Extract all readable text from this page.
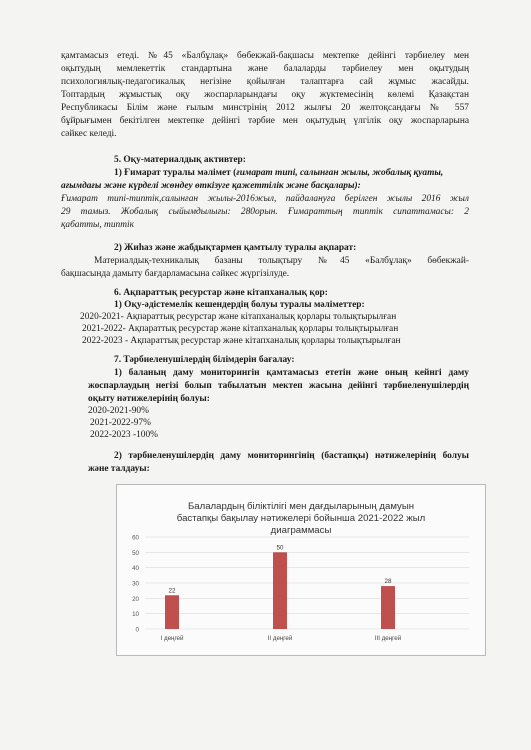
қамтамасыз етеді. №45 «Балбұлақ» бөбекжай-бақшасы мектепке дейінгі тәрбиелеу мен
оқытудың мемлекеттік стандартына және балаларды тәрбиелеу мен оқытудың
психологиялық-педагогикалық негізіне қойылған талаптарға сай жұмыс жасайды.
Топтардың жұмыстық оқу жоспарларындағы оқу жүктемесінің көлемі Қазақстан
Республикасы Білім және ғылым минстрінің 2012 жылғы 20 желтоқсандағы № 557
бұйрығымен бекітілген мектепке дейінгі тәрбие мен оқытудың үлгілік оқу жоспарларына
сәйкес келеді.
5. Оқу-материалдық активтер:
1) Ғимарат туралы мәлімет (ғимарат типі, салынған жылы, жобалық қуаты,
ағымдағы және күрделі жөндеу өткізуге қажеттілік және басқалары):
Ғимарат типі-типтік,салынған жылы-2016жыл, пайдалануға берілген жылы 2016 жыл
29 тамыз. Жобалық сыйымдылығы: 280орын. Ғимараттың типтік сипаттамасы: 2
қабатты, типтік
2) Жиһаз және жабдықтармен қамтылу туралы ақпарат:
Материалдық-техникалық базаны толықтыру №45 «Балбұлақ» бөбекжай-
бақшасында дамыту бағдарламасына сәйкес жүргізілуде.
6. Ақпараттық ресурстар және кітапханалық қор:
1) Оқу-әдістемелік кешендердің болуы туралы мәліметтер:
2020-2021- Ақпараттық ресурстар және кітапханалық қорлары толықтырылған
2021-2022- Ақпараттық ресурстар және кітапханалық қорлары толықтырылған
2022-2023 - Ақпараттық ресурстар және кітапханалық қорлары толықтырылған
7. Тәрбиеленушілердің білімдерін бағалау:
1) баланың даму мониторингін қамтамасыз ететін және оның кейнгі даму
жоспарлаудың негізі болып табылатын мектеп жасына дейінгі тәрбиеленушілердің
оқыту нәтижелерінің болуы:
2020-2021-90%
2021-2022-97%
2022-2023 -100%
2) тәрбиеленушілердің даму мониторингінің (бастапқы) нәтижелерінің болуы
және талдауы:
Балалардың біліктілігі мен дағдыларының дамуын
бастапқы бақылау нәтижелері бойынша 2021-2022 жыл
диаграммасы
0
10
20
30
40
50
60
22
I деңгей
50
II деңгей
28
III деңгей
